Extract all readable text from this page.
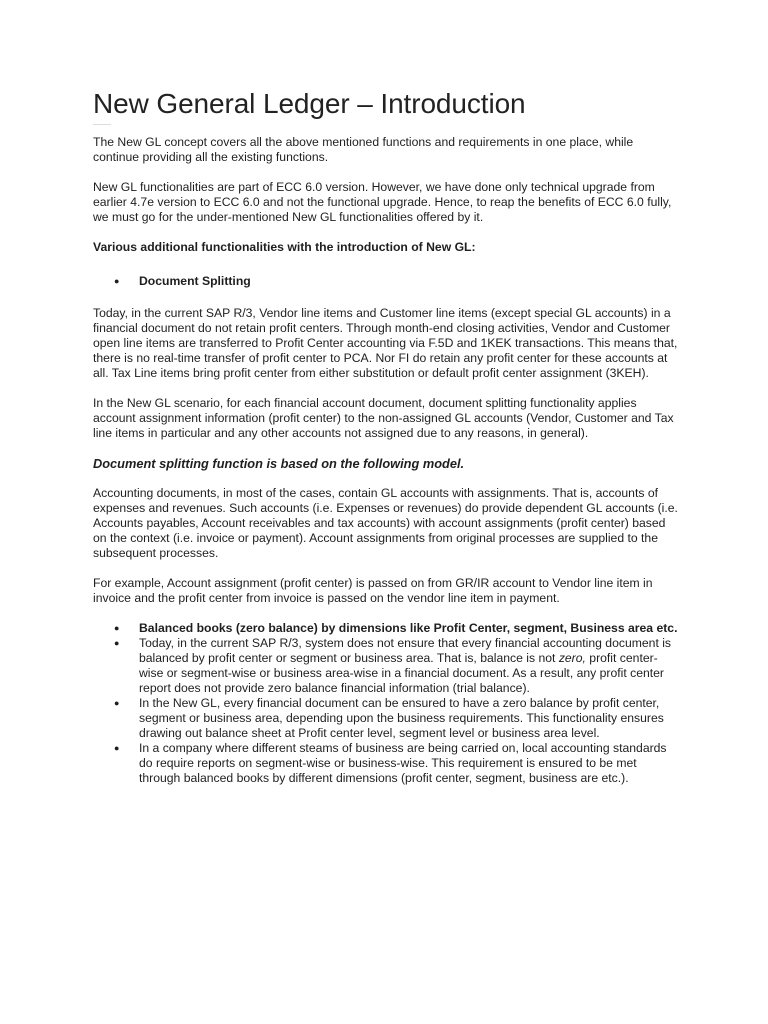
New General Ledger – Introduction

The New GL concept covers all the above mentioned functions and requirements in one place, while continue providing all the existing functions.

New GL functionalities are part of ECC 6.0 version. However, we have done only technical upgrade from earlier 4.7e version to ECC 6.0 and not the functional upgrade. Hence, to reap the benefits of ECC 6.0 fully, we must go for the under-mentioned New GL functionalities offered by it.

Various additional functionalities with the introduction of New GL:

● Document Splitting

Today, in the current SAP R/3, Vendor line items and Customer line items (except special GL accounts) in a financial document do not retain profit centers. Through month-end closing activities, Vendor and Customer open line items are transferred to Profit Center accounting via F.5D and 1KEK transactions. This means that, there is no real-time transfer of profit center to PCA. Nor FI do retain any profit center for these accounts at all. Tax Line items bring profit center from either substitution or default profit center assignment (3KEH).

In the New GL scenario, for each financial account document, document splitting functionality applies account assignment information (profit center) to the non-assigned GL accounts (Vendor, Customer and Tax line items in particular and any other accounts not assigned due to any reasons, in general).

Document splitting function is based on the following model.

Accounting documents, in most of the cases, contain GL accounts with assignments. That is, accounts of expenses and revenues. Such accounts (i.e. Expenses or revenues) do provide dependent GL accounts (i.e. Accounts payables, Account receivables and tax accounts) with account assignments (profit center) based on the context (i.e. invoice or payment). Account assignments from original processes are supplied to the subsequent processes.

For example, Account assignment (profit center) is passed on from GR/IR account to Vendor line item in invoice and the profit center from invoice is passed on the vendor line item in payment.

● Balanced books (zero balance) by dimensions like Profit Center, segment, Business area etc.
● Today, in the current SAP R/3, system does not ensure that every financial accounting document is balanced by profit center or segment or business area. That is, balance is not zero, profit center-wise or segment-wise or business area-wise in a financial document. As a result, any profit center report does not provide zero balance financial information (trial balance).
● In the New GL, every financial document can be ensured to have a zero balance by profit center, segment or business area, depending upon the business requirements. This functionality ensures drawing out balance sheet at Profit center level, segment level or business area level.
● In a company where different steams of business are being carried on, local accounting standards do require reports on segment-wise or business-wise. This requirement is ensured to be met through balanced books by different dimensions (profit center, segment, business are etc.).
